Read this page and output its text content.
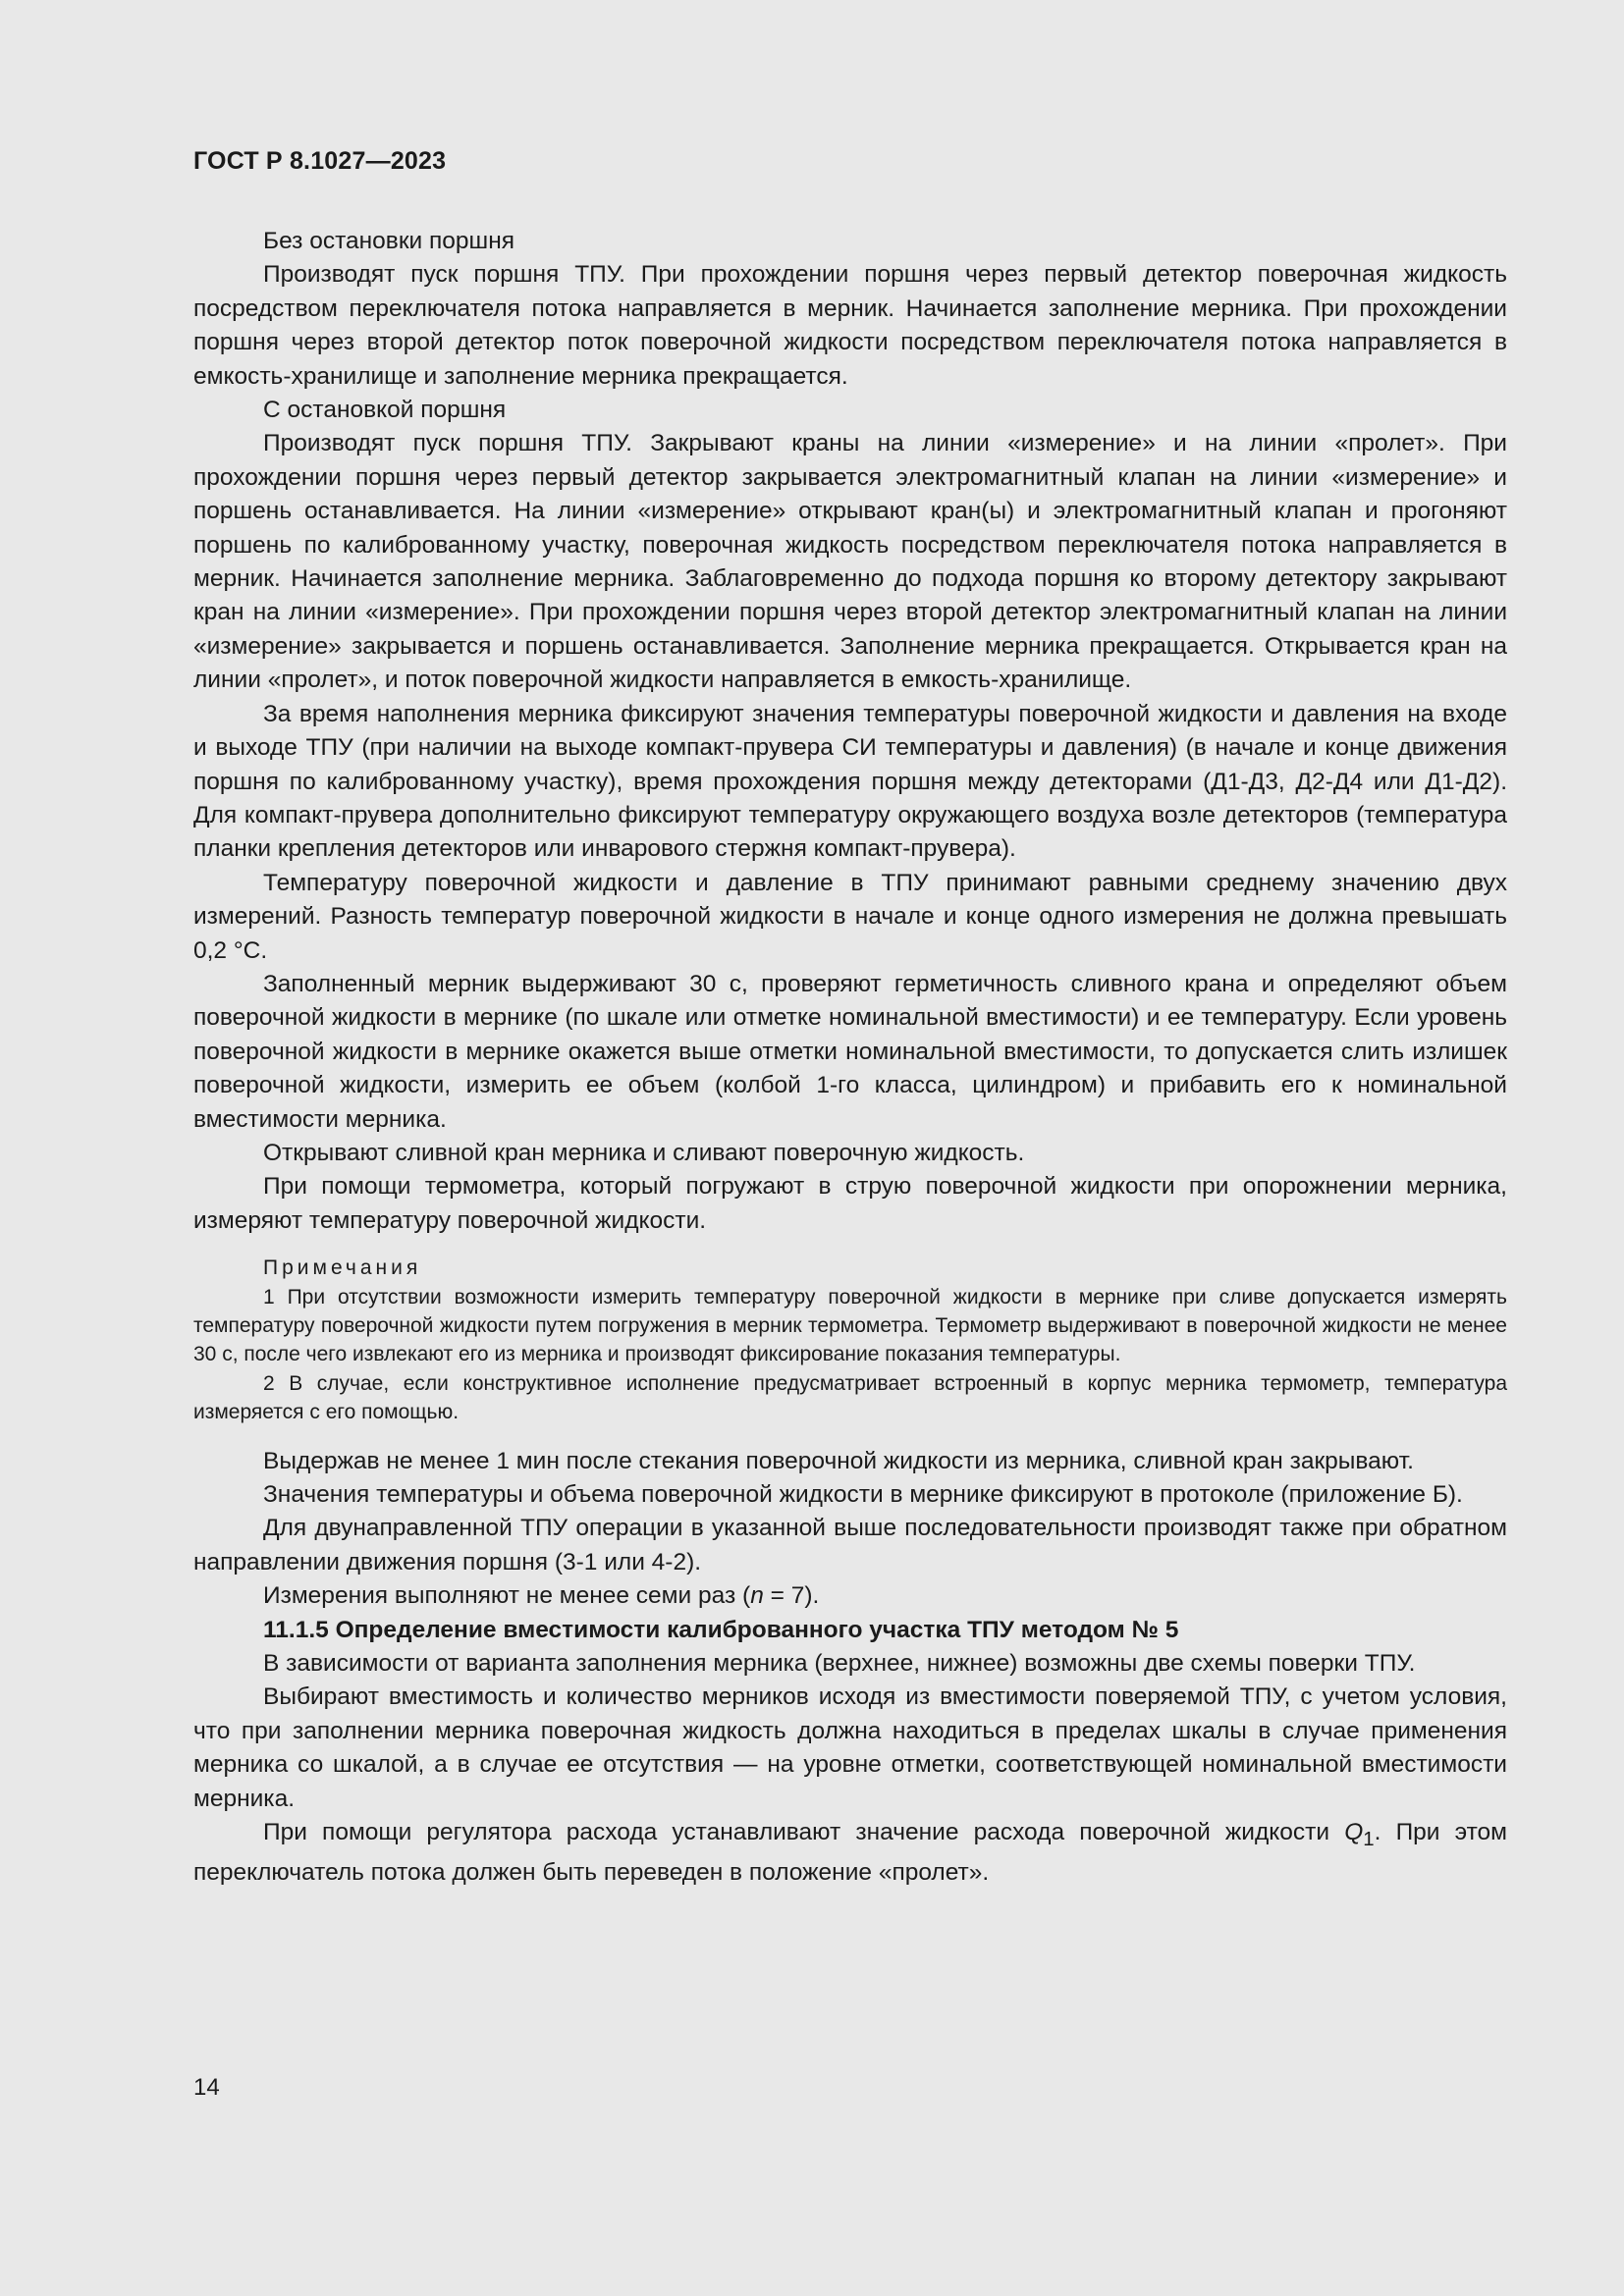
ГОСТ Р 8.1027—2023

Без остановки поршня

Производят пуск поршня ТПУ. При прохождении поршня через первый детектор поверочная жидкость посредством переключателя потока направляется в мерник. Начинается заполнение мерника. При прохождении поршня через второй детектор поток поверочной жидкости посредством переключателя потока направляется в емкость-хранилище и заполнение мерника прекращается.

С остановкой поршня

Производят пуск поршня ТПУ. Закрывают краны на линии «измерение» и на линии «пролет». При прохождении поршня через первый детектор закрывается электромагнитный клапан на линии «измерение» и поршень останавливается. На линии «измерение» открывают кран(ы) и электромагнитный клапан и прогоняют поршень по калиброванному участку, поверочная жидкость посредством переключателя потока направляется в мерник. Начинается заполнение мерника. Заблаговременно до подхода поршня ко второму детектору закрывают кран на линии «измерение». При прохождении поршня через второй детектор электромагнитный клапан на линии «измерение» закрывается и поршень останавливается. Заполнение мерника прекращается. Открывается кран на линии «пролет», и поток поверочной жидкости направляется в емкость-хранилище.

За время наполнения мерника фиксируют значения температуры поверочной жидкости и давления на входе и выходе ТПУ (при наличии на выходе компакт-прувера СИ температуры и давления) (в начале и конце движения поршня по калиброванному участку), время прохождения поршня между детекторами (Д1-Д3, Д2-Д4 или Д1-Д2). Для компакт-прувера дополнительно фиксируют температуру окружающего воздуха возле детекторов (температура планки крепления детекторов или инварового стержня компакт-прувера).

Температуру поверочной жидкости и давление в ТПУ принимают равными среднему значению двух измерений. Разность температур поверочной жидкости в начале и конце одного измерения не должна превышать 0,2 °С.

Заполненный мерник выдерживают 30 с, проверяют герметичность сливного крана и определяют объем поверочной жидкости в мернике (по шкале или отметке номинальной вместимости) и ее температуру. Если уровень поверочной жидкости в мернике окажется выше отметки номинальной вместимости, то допускается слить излишек поверочной жидкости, измерить ее объем (колбой 1-го класса, цилиндром) и прибавить его к номинальной вместимости мерника.

Открывают сливной кран мерника и сливают поверочную жидкость.

При помощи термометра, который погружают в струю поверочной жидкости при опорожнении мерника, измеряют температуру поверочной жидкости.

Примечания

1 При отсутствии возможности измерить температуру поверочной жидкости в мернике при сливе допускается измерять температуру поверочной жидкости путем погружения в мерник термометра. Термометр выдерживают в поверочной жидкости не менее 30 с, после чего извлекают его из мерника и производят фиксирование показания температуры.

2 В случае, если конструктивное исполнение предусматривает встроенный в корпус мерника термометр, температура измеряется с его помощью.

Выдержав не менее 1 мин после стекания поверочной жидкости из мерника, сливной кран закрывают.

Значения температуры и объема поверочной жидкости в мернике фиксируют в протоколе (приложение Б).

Для двунаправленной ТПУ операции в указанной выше последовательности производят также при обратном направлении движения поршня (3-1 или 4-2).

Измерения выполняют не менее семи раз (n = 7).

11.1.5 Определение вместимости калиброванного участка ТПУ методом № 5

В зависимости от варианта заполнения мерника (верхнее, нижнее) возможны две схемы поверки ТПУ.

Выбирают вместимость и количество мерников исходя из вместимости поверяемой ТПУ, с учетом условия, что при заполнении мерника поверочная жидкость должна находиться в пределах шкалы в случае применения мерника со шкалой, а в случае ее отсутствия — на уровне отметки, соответствующей номинальной вместимости мерника.

При помощи регулятора расхода устанавливают значение расхода поверочной жидкости $Q_1$. При этом переключатель потока должен быть переведен в положение «пролет».

14
